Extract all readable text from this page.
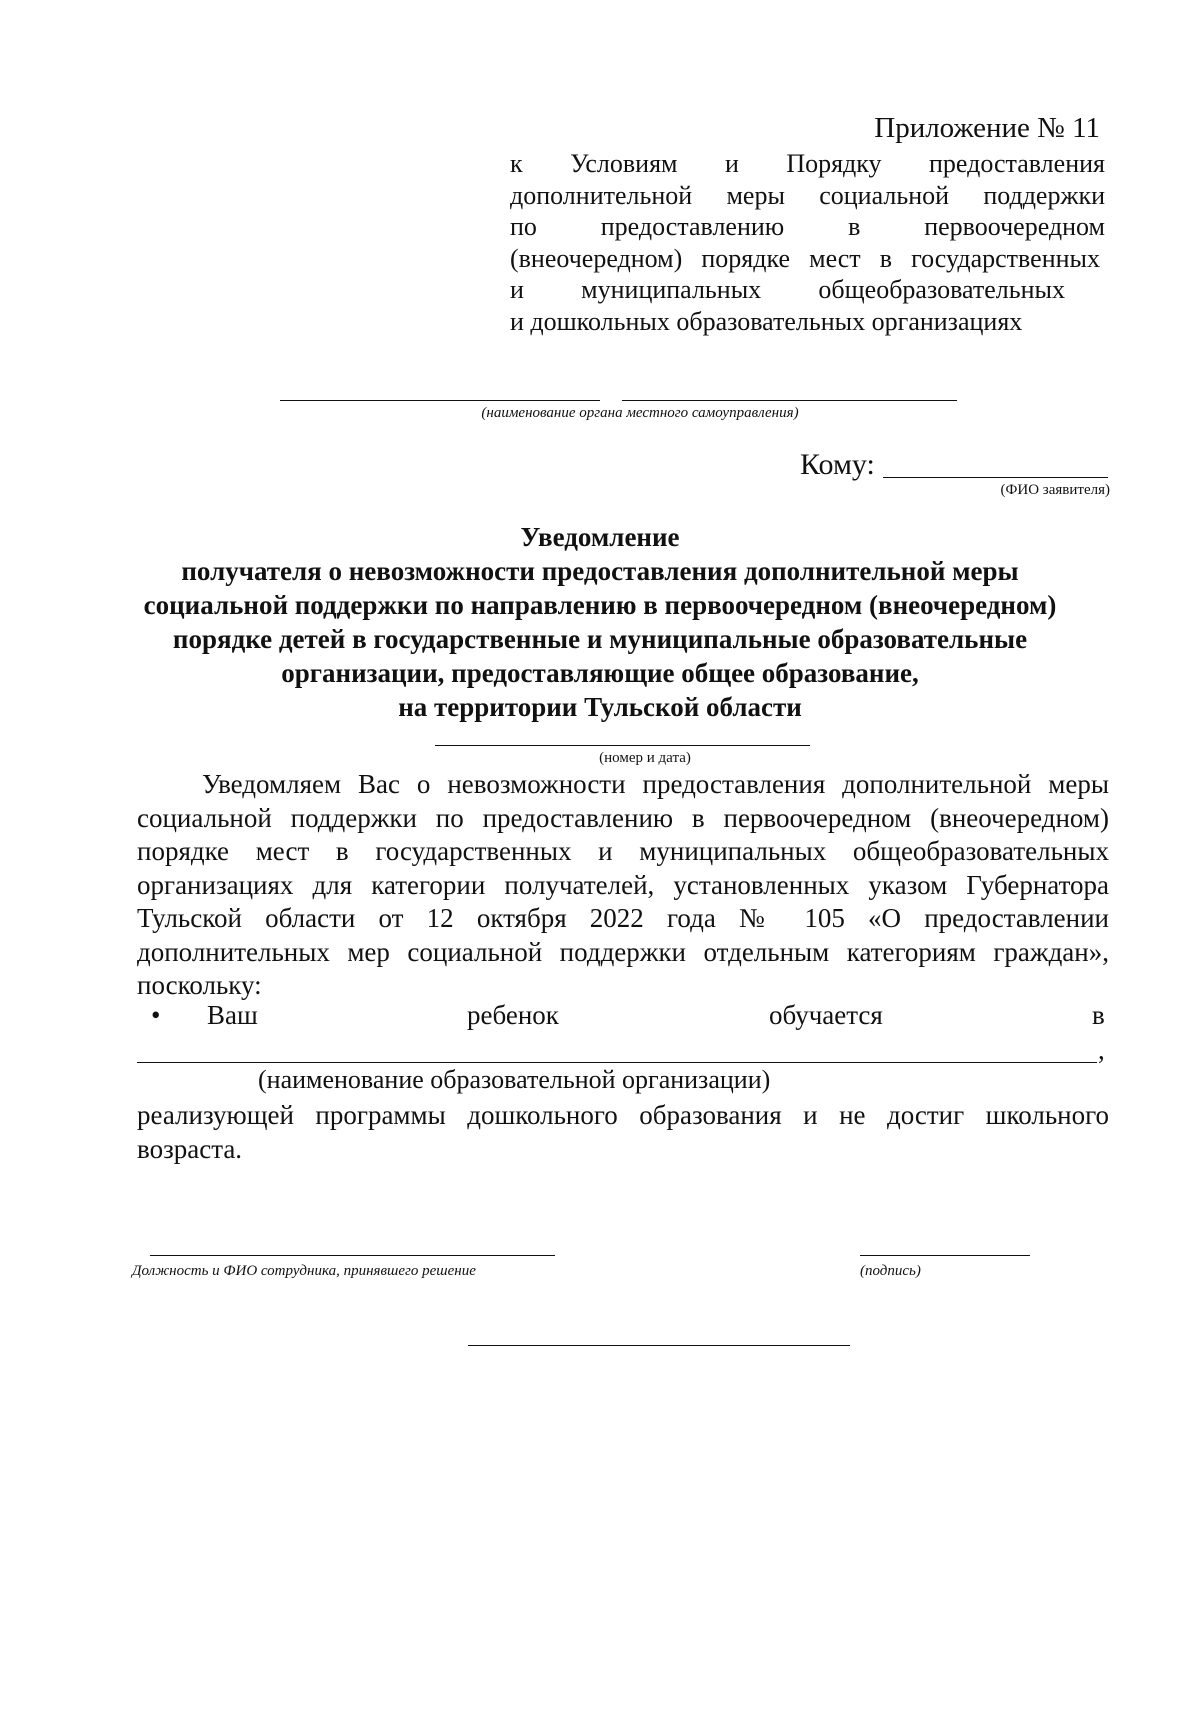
Приложение № 11
к Условиям и Порядку предоставления
дополнительной меры социальной поддержки
по предоставлению в первоочередном
(внеочередном) порядке мест в государственных
и муниципальных общеобразовательных
и дошкольных образовательных организациях
(наименование органа местного самоуправления)
Кому:
(ФИО заявителя)
Уведомление
получателя о невозможности предоставления дополнительной меры
социальной поддержки по направлению в первоочередном (внеочередном)
порядке детей в государственные и муниципальные образовательные
организации, предоставляющие общее образование,
на территории Тульской области
(номер и дата)
Уведомляем Вас о невозможности предоставления дополнительной меры
социальной поддержки по предоставлению в первоочередном (внеочередном)
порядке мест в государственных и муниципальных общеобразовательных
организациях для категории получателей, установленных указом Губернатора
Тульской области от 12 октября 2022 года № 105 «О предоставлении
дополнительных мер социальной поддержки отдельным категориям граждан»,
поскольку:
• Ваш	ребенок	обучается	в
,
(наименование образовательной организации)
реализующей программы дошкольного образования и не достиг школьного
возраста.
Должность и ФИО сотрудника, принявшего решение	(подпись)
